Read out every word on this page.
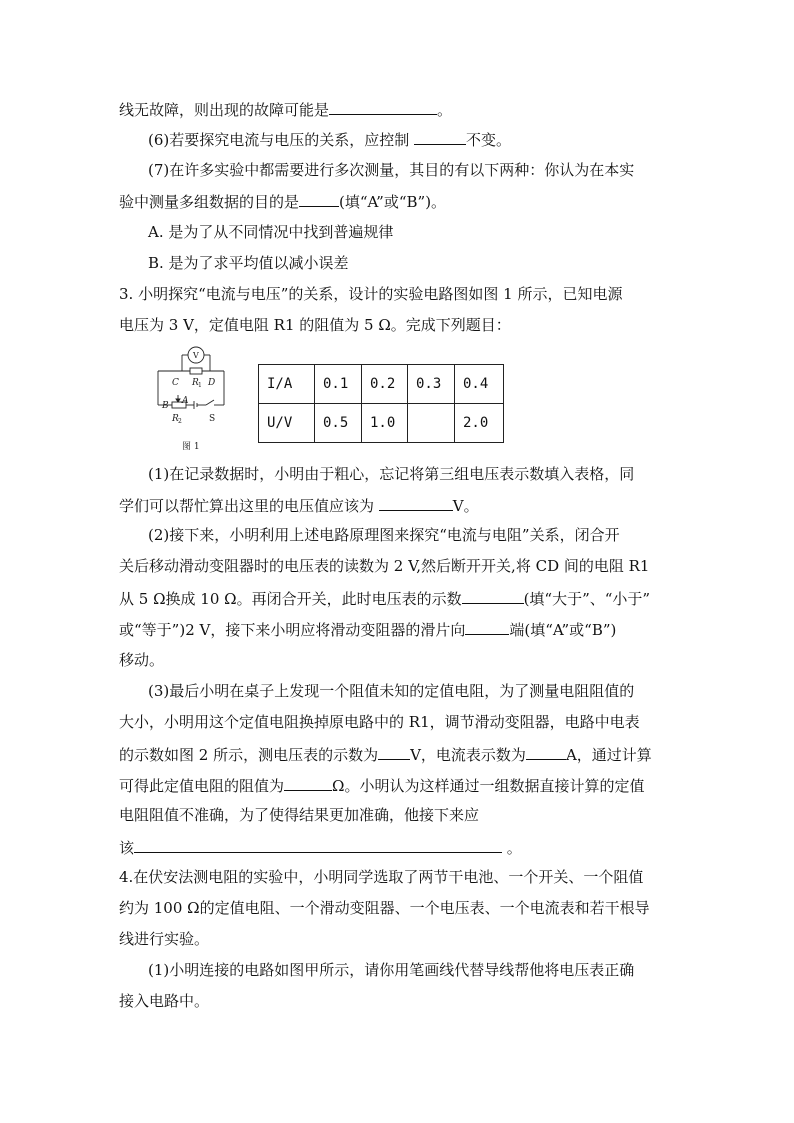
线无故障，则出现的故障可能是	。
(6)若要探究电流与电压的关系，应控制	不变。
(7)在许多实验中都需要进行多次测量，其目的有以下两种：你认为在本实
验中测量多组数据的目的是	(填“A”或“B”)。
A. 是为了从不同情况中找到普遍规律
B. 是为了求平均值以减小误差
3. 小明探究“电流与电压”的关系，设计的实验电路图如图 1 所示，已知电源
电压为 3 V，定值电阻 R1 的阻值为 5 Ω。完成下列题目：
V
C R 1 D
B A
R 2	S
图 1
I/A	0.1	0.2	0.3	0.4
U/V	0.5	1.0		2.0
(1)在记录数据时，小明由于粗心，忘记将第三组电压表示数填入表格，同
学们可以帮忙算出这里的电压值应该为	V。
(2)接下来，小明利用上述电路原理图来探究“电流与电阻”关系，闭合开
关后移动滑动变阻器时的电压表的读数为 2 V,然后断开开关,将 CD 间的电阻 R1
从 5 Ω换成 10 Ω。再闭合开关，此时电压表的示数	(填“大于”、“小于”
或“等于”)2 V，接下来小明应将滑动变阻器的滑片向	端(填“A”或“B”)
移动。
(3)最后小明在桌子上发现一个阻值未知的定值电阻，为了测量电阻阻值的
大小，小明用这个定值电阻换掉原电路中的 R1，调节滑动变阻器，电路中电表
的示数如图 2 所示，测电压表的示数为 V，电流表示数为	A，通过计算
可得此定值电阻的阻值为	Ω。小明认为这样通过一组数据直接计算的定值
电阻阻值不准确，为了使得结果更加准确，他接下来应
该	。
4.在伏安法测电阻的实验中，小明同学选取了两节干电池、一个开关、一个阻值
约为 100 Ω的定值电阻、一个滑动变阻器、一个电压表、一个电流表和若干根导
线进行实验。
(1)小明连接的电路如图甲所示，请你用笔画线代替导线帮他将电压表正确
接入电路中。
